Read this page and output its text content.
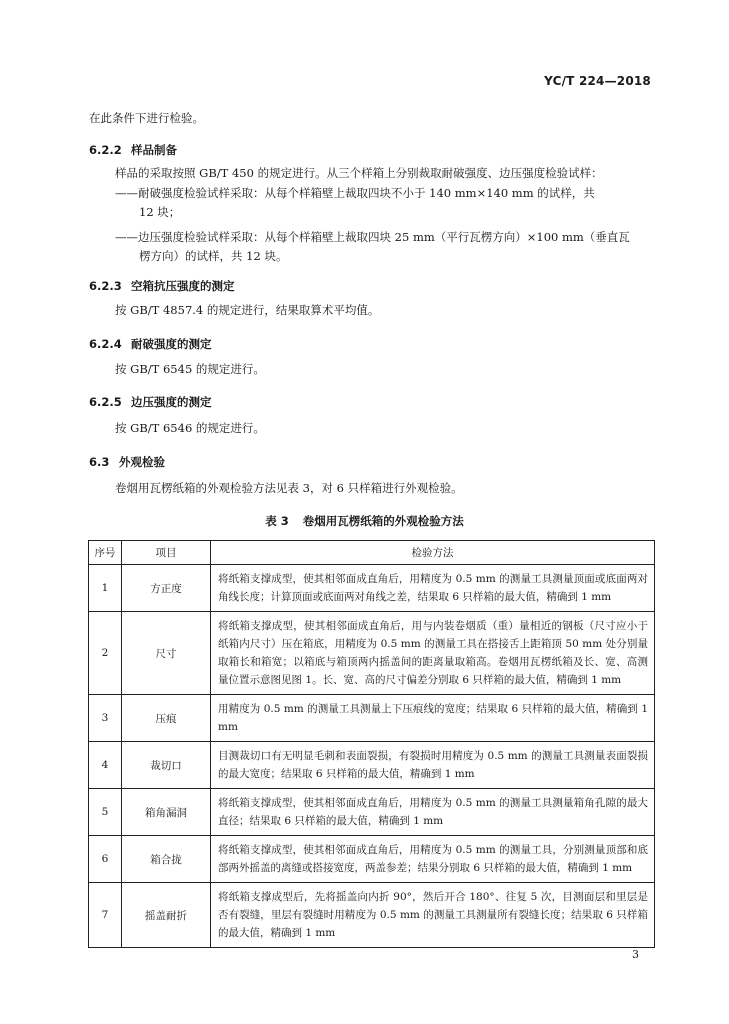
YC/T 224—2018
在此条件下进行检验。
6.2.2 样品制备
样品的采取按照 GB/T 450 的规定进行。从三个样箱上分别裁取耐破强度、边压强度检验试样：
——耐破强度检验试样采取：从每个样箱壁上裁取四块不小于 140 mm×140 mm 的试样，共
12 块；
——边压强度检验试样采取：从每个样箱壁上裁取四块 25 mm（平行瓦楞方向）×100 mm（垂直瓦
楞方向）的试样，共 12 块。
6.2.3 空箱抗压强度的测定
按 GB/T 4857.4 的规定进行，结果取算术平均值。
6.2.4 耐破强度的测定
按 GB/T 6545 的规定进行。
6.2.5 边压强度的测定
按 GB/T 6546 的规定进行。
6.3 外观检验
卷烟用瓦楞纸箱的外观检验方法见表 3，对 6 只样箱进行外观检验。
表 3 卷烟用瓦楞纸箱的外观检验方法
序号	项目	检验方法
1	方正度	将纸箱支撑成型，使其相邻面成直角后，用精度为 0.5 mm 的测量工具测量顶面或底面两对角线长度；计算顶面或底面两对角线之差，结果取 6 只样箱的最大值，精确到 1 mm
2	尺寸	将纸箱支撑成型，使其相邻面成直角后，用与内装卷烟质（重）量相近的钢板（尺寸应小于纸箱内尺寸）压在箱底，用精度为 0.5 mm 的测量工具在搭接舌上距箱顶 50 mm 处分别量取箱长和箱宽；以箱底与箱顶两内摇盖间的距离量取箱高。卷烟用瓦楞纸箱及长、宽、高测量位置示意图见图 1。长、宽、高的尺寸偏差分别取 6 只样箱的最大值，精确到 1 mm
3	压痕	用精度为 0.5 mm 的测量工具测量上下压痕线的宽度；结果取 6 只样箱的最大值，精确到 1 mm
4	裁切口	目测裁切口有无明显毛刺和表面裂损，有裂损时用精度为 0.5 mm 的测量工具测量表面裂损的最大宽度；结果取 6 只样箱的最大值，精确到 1 mm
5	箱角漏洞	将纸箱支撑成型，使其相邻面成直角后，用精度为 0.5 mm 的测量工具测量箱角孔隙的最大直径；结果取 6 只样箱的最大值，精确到 1 mm
6	箱合拢	将纸箱支撑成型，使其相邻面成直角后，用精度为 0.5 mm 的测量工具，分别测量顶部和底部两外摇盖的离缝或搭接宽度，两盖参差；结果分别取 6 只样箱的最大值，精确到 1 mm
7	摇盖耐折	将纸箱支撑成型后，先将摇盖向内折 90°，然后开合 180°、往复 5 次，目测面层和里层是否有裂缝，里层有裂缝时用精度为 0.5 mm 的测量工具测量所有裂缝长度；结果取 6 只样箱的最大值，精确到 1 mm
3
